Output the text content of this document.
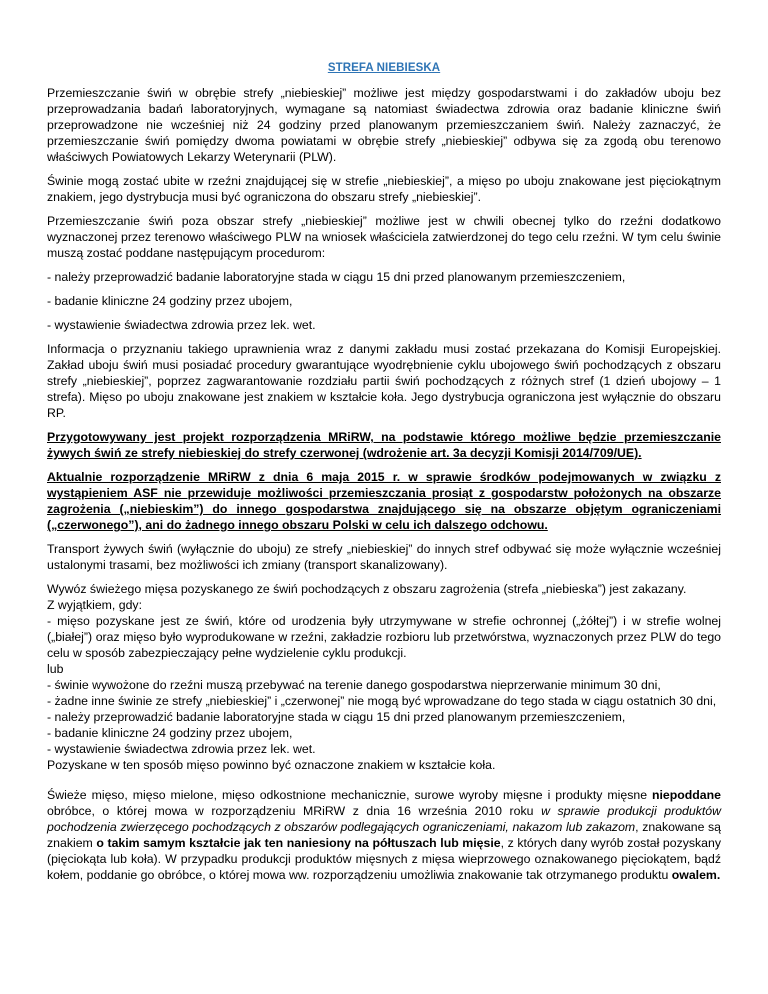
STREFA NIEBIESKA

Przemieszczanie świń w obrębie strefy „niebieskiej” możliwe jest między gospodarstwami i do zakładów uboju bez przeprowadzania badań laboratoryjnych, wymagane są natomiast świadectwa zdrowia oraz badanie kliniczne świń przeprowadzone nie wcześniej niż 24 godziny przed planowanym przemieszczaniem świń. Należy zaznaczyć, że przemieszczanie świń pomiędzy dwoma powiatami w obrębie strefy „niebieskiej” odbywa się za zgodą obu terenowo właściwych Powiatowych Lekarzy Weterynarii (PLW).

Świnie mogą zostać ubite w rzeźni znajdującej się w strefie „niebieskiej”, a mięso po uboju znakowane jest pięciokątnym znakiem, jego dystrybucja musi być ograniczona do obszaru strefy „niebieskiej”.

Przemieszczanie świń poza obszar strefy „niebieskiej” możliwe jest w chwili obecnej tylko do rzeźni dodatkowo wyznaczonej przez terenowo właściwego PLW na wniosek właściciela zatwierdzonej do tego celu rzeźni. W tym celu świnie muszą zostać poddane następującym procedurom:

- należy przeprowadzić badanie laboratoryjne stada w ciągu 15 dni przed planowanym przemieszczeniem,

- badanie kliniczne 24 godziny przez ubojem,

- wystawienie świadectwa zdrowia przez lek. wet.

Informacja o przyznaniu takiego uprawnienia wraz z danymi zakładu musi zostać przekazana do Komisji Europejskiej. Zakład uboju świń musi posiadać procedury gwarantujące wyodrębnienie cyklu ubojowego świń pochodzących z obszaru strefy „niebieskiej”, poprzez zagwarantowanie rozdziału partii świń pochodzących z różnych stref (1 dzień ubojowy – 1 strefa). Mięso po uboju znakowane jest znakiem w kształcie koła. Jego dystrybucja ograniczona jest wyłącznie do obszaru RP.

Przygotowywany jest projekt rozporządzenia MRiRW, na podstawie którego możliwe będzie przemieszczanie żywych świń ze strefy niebieskiej do strefy czerwonej (wdrożenie art. 3a decyzji Komisji 2014/709/UE).

Aktualnie rozporządzenie MRiRW z dnia 6 maja 2015 r. w sprawie środków podejmowanych w związku z wystąpieniem ASF nie przewiduje możliwości przemieszczania prosiąt z gospodarstw położonych na obszarze zagrożenia („niebieskim”) do innego gospodarstwa znajdującego się na obszarze objętym ograniczeniami („czerwonego”), ani do żadnego innego obszaru Polski w celu ich dalszego odchowu.

Transport żywych świń (wyłącznie do uboju) ze strefy „niebieskiej” do innych stref odbywać się może wyłącznie wcześniej ustalonymi trasami, bez możliwości ich zmiany (transport skanalizowany).

Wywóz świeżego mięsa pozyskanego ze świń pochodzących z obszaru zagrożenia (strefa „niebieska”) jest zakazany.
Z wyjątkiem, gdy:
- mięso pozyskane jest ze świń, które od urodzenia były utrzymywane w strefie ochronnej („żółtej”) i w strefie wolnej („białej”) oraz mięso było wyprodukowane w rzeźni, zakładzie rozbioru lub przetwórstwa, wyznaczonych przez PLW do tego celu w sposób zabezpieczający pełne wydzielenie cyklu produkcji.
lub
- świnie wywożone do rzeźni muszą przebywać na terenie danego gospodarstwa nieprzerwanie minimum 30 dni,
- żadne inne świnie ze strefy „niebieskiej” i „czerwonej” nie mogą być wprowadzane do tego stada w ciągu ostatnich 30 dni,
- należy przeprowadzić badanie laboratoryjne stada w ciągu 15 dni przed planowanym przemieszczeniem,
- badanie kliniczne 24 godziny przez ubojem,
- wystawienie świadectwa zdrowia przez lek. wet.
Pozyskane w ten sposób mięso powinno być oznaczone znakiem w kształcie koła.

Świeże mięso, mięso mielone, mięso odkostnione mechanicznie, surowe wyroby mięsne i produkty mięsne niepoddane obróbce, o której mowa w rozporządzeniu MRiRW z dnia 16 września 2010 roku w sprawie produkcji produktów pochodzenia zwierzęcego pochodzących z obszarów podlegających ograniczeniami, nakazom lub zakazom, znakowane są znakiem o takim samym kształcie jak ten naniesiony na półtuszach lub mięsie, z których dany wyrób został pozyskany (pięciokąta lub koła). W przypadku produkcji produktów mięsnych z mięsa wieprzowego oznakowanego pięciokątem, bądź kołem, poddanie go obróbce, o której mowa ww. rozporządzeniu umożliwia znakowanie tak otrzymanego produktu owalem.
